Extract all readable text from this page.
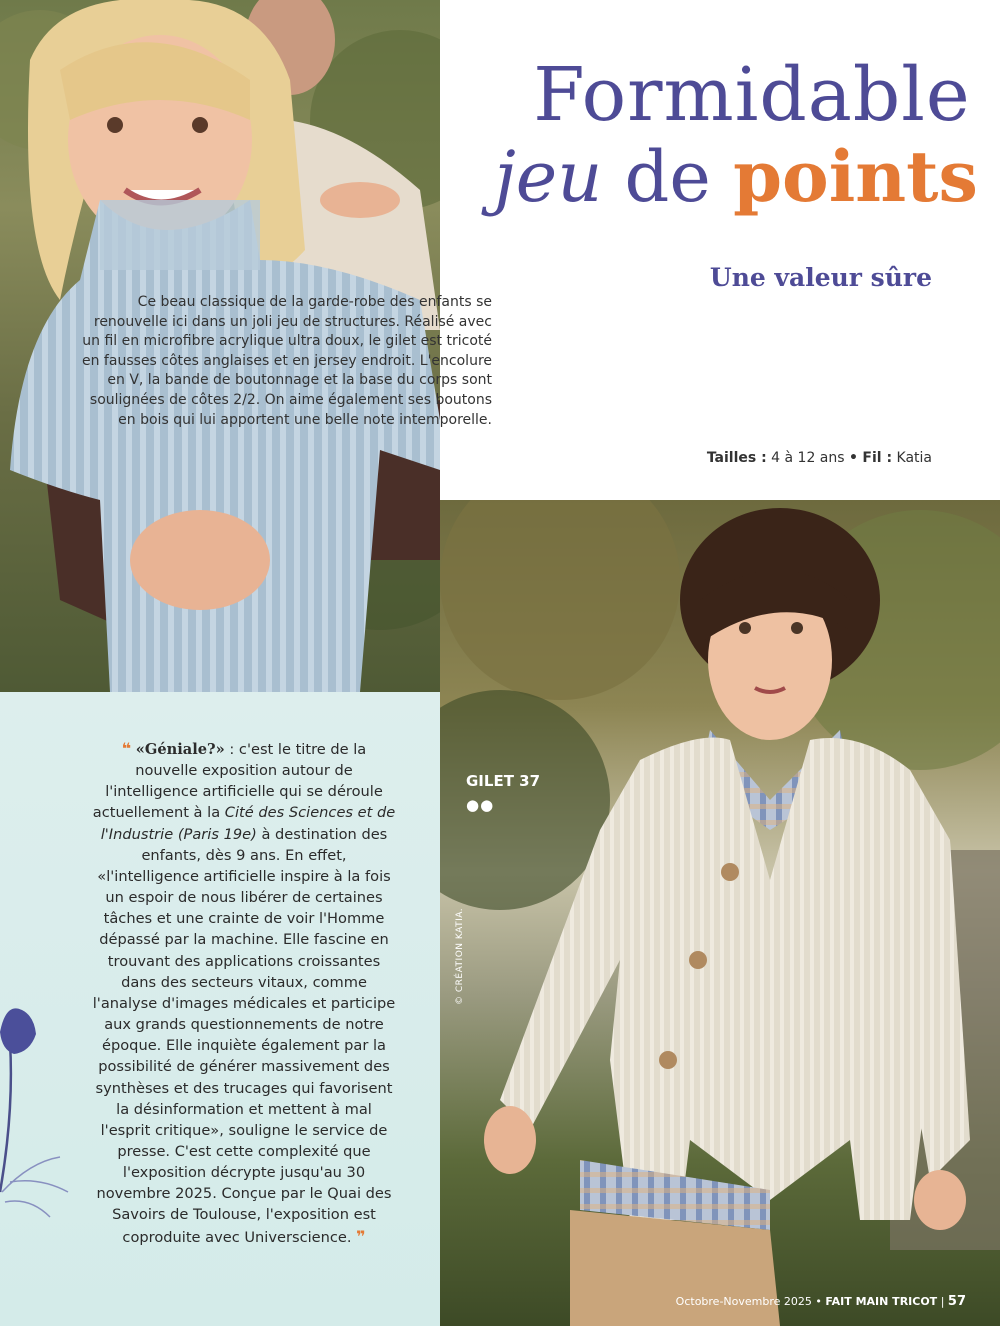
Formidable
jeu de points
Une valeur sûre
Ce beau classique de la garde-robe des enfants se renouvelle ici dans un joli jeu de structures. Réalisé avec un fil en microfibre acrylique ultra doux, le gilet est tricoté en fausses côtes anglaises et en jersey endroit. L'encolure en V, la bande de boutonnage et la base du corps sont soulignées de côtes 2/2. On aime également ses boutons en bois qui lui apportent une belle note intemporelle.
Tailles : 4 à 12 ans • Fil : Katia
❝ «Géniale?» : c'est le titre de la nouvelle exposition autour de l'intelligence artificielle qui se déroule actuellement à la Cité des Sciences et de l'Industrie (Paris 19e) à destination des enfants, dès 9 ans. En effet, «l'intelligence artificielle inspire à la fois un espoir de nous libérer de certaines tâches et une crainte de voir l'Homme dépassé par la machine. Elle fascine en trouvant des applications croissantes dans des secteurs vitaux, comme l'analyse d'images médicales et participe aux grands questionnements de notre époque. Elle inquiète également par la possibilité de générer massivement des synthèses et des trucages qui favorisent la désinformation et mettent à mal l'esprit critique», souligne le service de presse. C'est cette complexité que l'exposition décrypte jusqu'au 30 novembre 2025. Conçue par le Quai des Savoirs de Toulouse, l'exposition est coproduite avec Universcience. ❞
GILET 37
●●
© CRÉATION KATIA.
Octobre-Novembre 2025 • FAIT MAIN TRICOT | 57
